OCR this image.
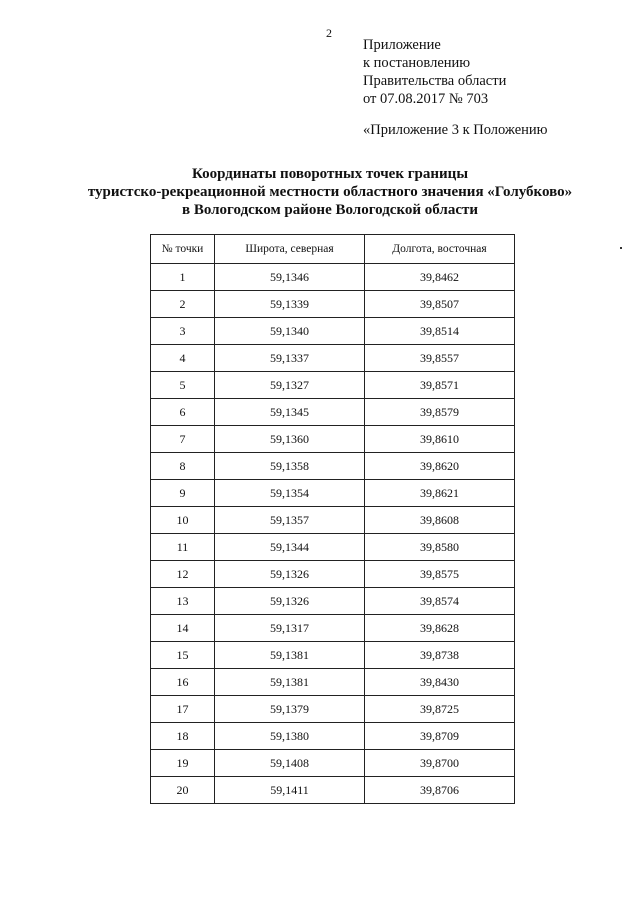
2
Приложение
к постановлению
Правительства области
от 07.08.2017 № 703
«Приложение 3 к Положению
Координаты поворотных точек границы
туристско-рекреационной местности областного значения «Голубково»
в Вологодском районе Вологодской области
№ точки	Широта, северная	Долгота, восточная
1	59,1346	39,8462
2	59,1339	39,8507
3	59,1340	39,8514
4	59,1337	39,8557
5	59,1327	39,8571
6	59,1345	39,8579
7	59,1360	39,8610
8	59,1358	39,8620
9	59,1354	39,8621
10	59,1357	39,8608
11	59,1344	39,8580
12	59,1326	39,8575
13	59,1326	39,8574
14	59,1317	39,8628
15	59,1381	39,8738
16	59,1381	39,8430
17	59,1379	39,8725
18	59,1380	39,8709
19	59,1408	39,8700
20	59,1411	39,8706
